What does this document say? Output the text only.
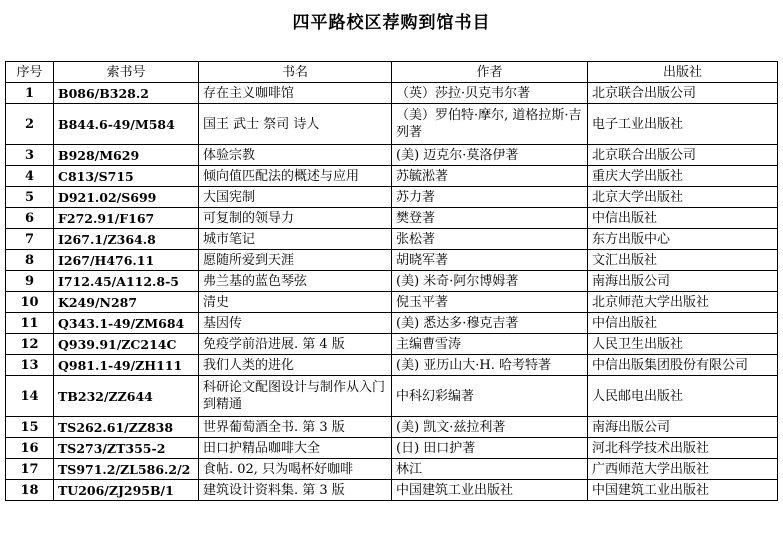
四平路校区荐购到馆书目
序号	索书号	书名	作者	出版社
1	B086/B328.2	存在主义咖啡馆	（英）莎拉·贝克韦尔著	北京联合出版公司
2	B844.6-49/M584	国王 武士 祭司 诗人	（美）罗伯特·摩尔, 道格拉斯·吉列著	电子工业出版社
3	B928/M629	体验宗教	(美) 迈克尔·莫洛伊著	北京联合出版公司
4	C813/S715	倾向值匹配法的概述与应用	苏毓淞著	重庆大学出版社
5	D921.02/S699	大国宪制	苏力著	北京大学出版社
6	F272.91/F167	可复制的领导力	樊登著	中信出版社
7	I267.1/Z364.8	城市笔记	张松著	东方出版中心
8	I267/H476.11	愿随所爱到天涯	胡晓军著	文汇出版社
9	I712.45/A112.8-5	弗兰基的蓝色琴弦	(美) 米奇·阿尔博姆著	南海出版公司
10	K249/N287	清史	倪玉平著	北京师范大学出版社
11	Q343.1-49/ZM684	基因传	(美) 悉达多·穆克吉著	中信出版社
12	Q939.91/ZC214C	免疫学前沿进展. 第 4 版	主编曹雪涛	人民卫生出版社
13	Q981.1-49/ZH111	我们人类的进化	(美) 亚历山大·H. 哈考特著	中信出版集团股份有限公司
14	TB232/ZZ644	科研论文配图设计与制作从入门到精通	中科幻彩编著	人民邮电出版社
15	TS262.61/ZZ838	世界葡萄酒全书. 第 3 版	(美) 凯文·兹拉利著	南海出版公司
16	TS273/ZT355-2	田口护精品咖啡大全	(日) 田口护著	河北科学技术出版社
17	TS971.2/ZL586.2/2	食帖. 02, 只为喝杯好咖啡	林江	广西师范大学出版社
18	TU206/ZJ295B/1	建筑设计资料集. 第 3 版	中国建筑工业出版社	中国建筑工业出版社
